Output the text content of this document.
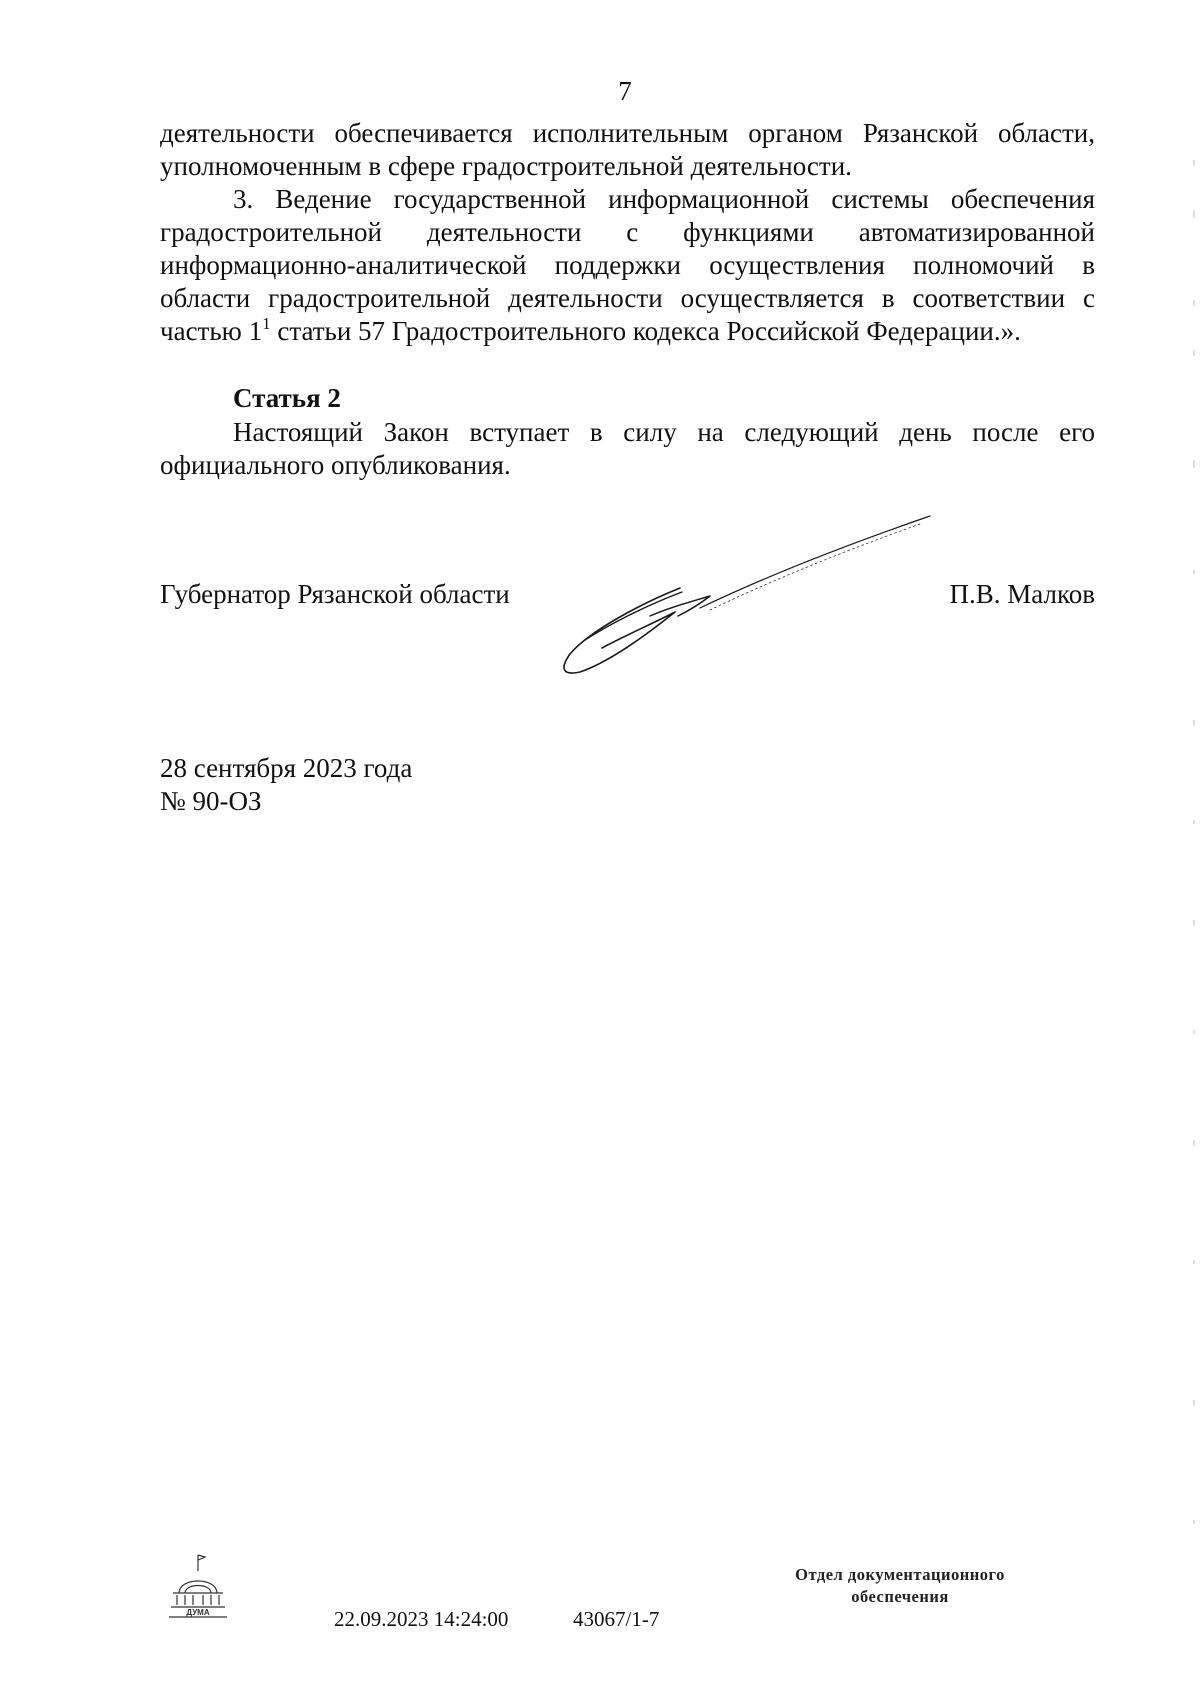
7

деятельности обеспечивается исполнительным органом Рязанской области, уполномоченным в сфере градостроительной деятельности.

3. Ведение государственной информационной системы обеспечения градостроительной деятельности с функциями автоматизированной информационно-аналитической поддержки осуществления полномочий в области градостроительной деятельности осуществляется в соответствии с частью $1^1$ статьи 57 Градостроительного кодекса Российской Федерации.».

Статья 2

Настоящий Закон вступает в силу на следующий день после его официального опубликования.

Губернатор Рязанской области	П.В. Малков

28 сентября 2023 года
№ 90-ОЗ
ДУМА	22.09.2023 14:24:00	43067/1-7
Отдел документационного
обеспечения
